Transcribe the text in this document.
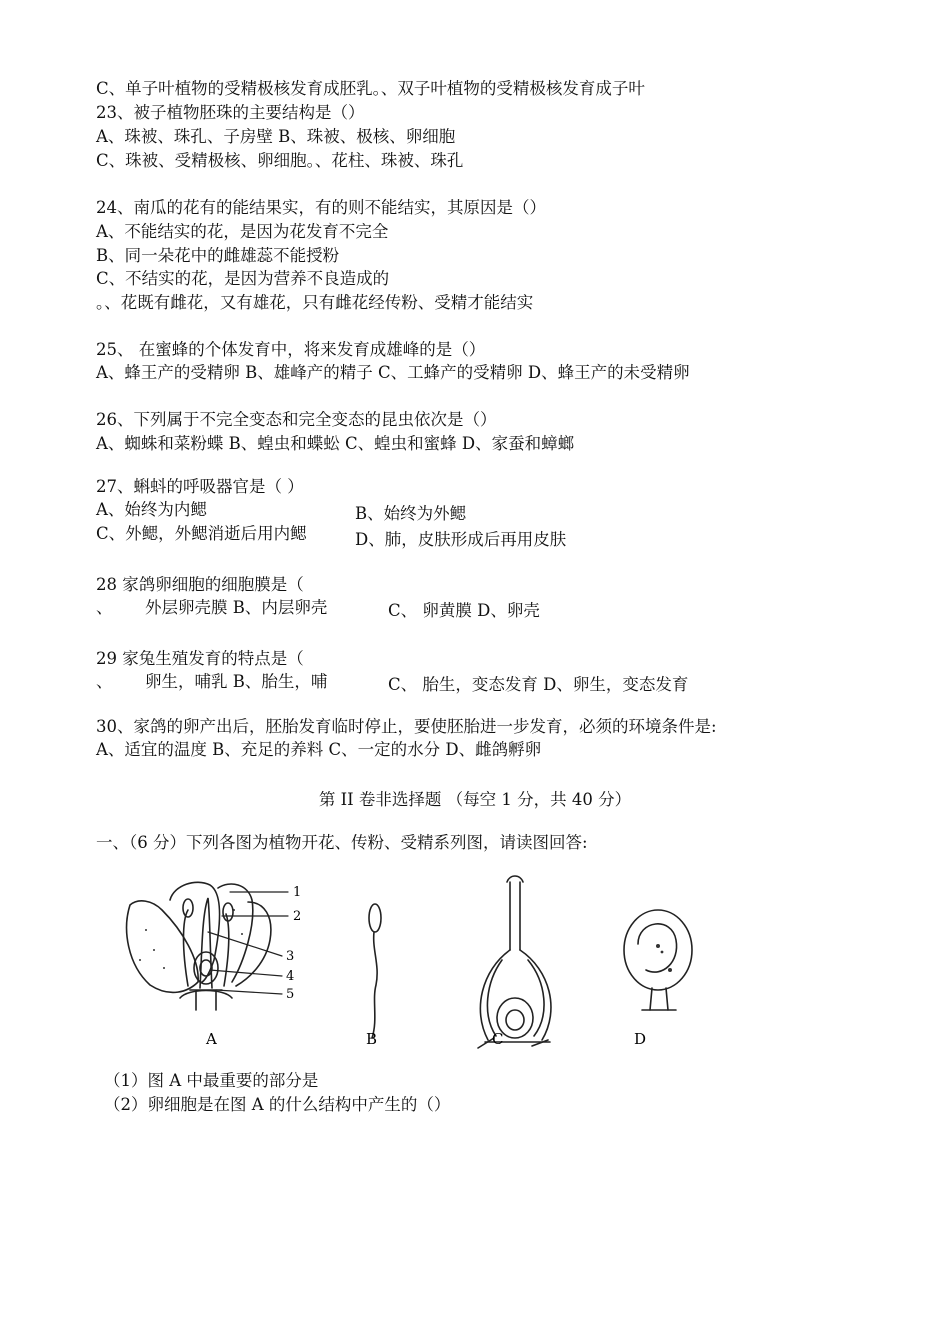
C、单子叶植物的受精极核发育成胚乳。、双子叶植物的受精极核发育成子叶
23、被子植物胚珠的主要结构是（）
A、珠被、珠孔、子房壁 B、珠被、极核、卵细胞
C、珠被、受精极核、卵细胞。、花柱、珠被、珠孔
24、南瓜的花有的能结果实，有的则不能结实，其原因是（）
A、不能结实的花，是因为花发育不完全
B、同一朵花中的雌雄蕊不能授粉
C、不结实的花，是因为营养不良造成的
。、花既有雌花，又有雄花，只有雌花经传粉、受精才能结实
25、 在蜜蜂的个体发育中，将来发育成雄峰的是（）
A、蜂王产的受精卵 B、雄峰产的精子 C、工蜂产的受精卵 D、蜂王产的未受精卵
26、下列属于不完全变态和完全变态的昆虫依次是（）
A、蜘蛛和菜粉蝶 B、蝗虫和蝶蚣 C、蝗虫和蜜蜂 D、家蚕和蟑螂
27、蝌蚪的呼吸器官是（ ）
A、始终为内鳃	B、始终为外鳃
C、外鳃，外鳃消逝后用内鳃	D、肺，皮肤形成后再用皮肤
28 家鸽卵细胞的细胞膜是（
、 外层卵壳膜 B、内层卵壳	C、 卵黄膜 D、卵壳
29 家兔生殖发育的特点是（
、 卵生，哺乳 B、胎生，哺	C、 胎生，变态发育 D、卵生，变态发育
30、家鸽的卵产出后，胚胎发育临时停止，要使胚胎进一步发育，必须的环境条件是:
A、适宜的温度 B、充足的养料 C、一定的水分 D、雌鸽孵卵
第 II 卷非选择题 （每空 1 分，共 40 分）
一、（6 分）下列各图为植物开花、传粉、受精系列图，请读图回答:
1
2
3
4
5
A	B	C	D
（1）图 A 中最重要的部分是
（2）卵细胞是在图 A 的什么结构中产生的（）
